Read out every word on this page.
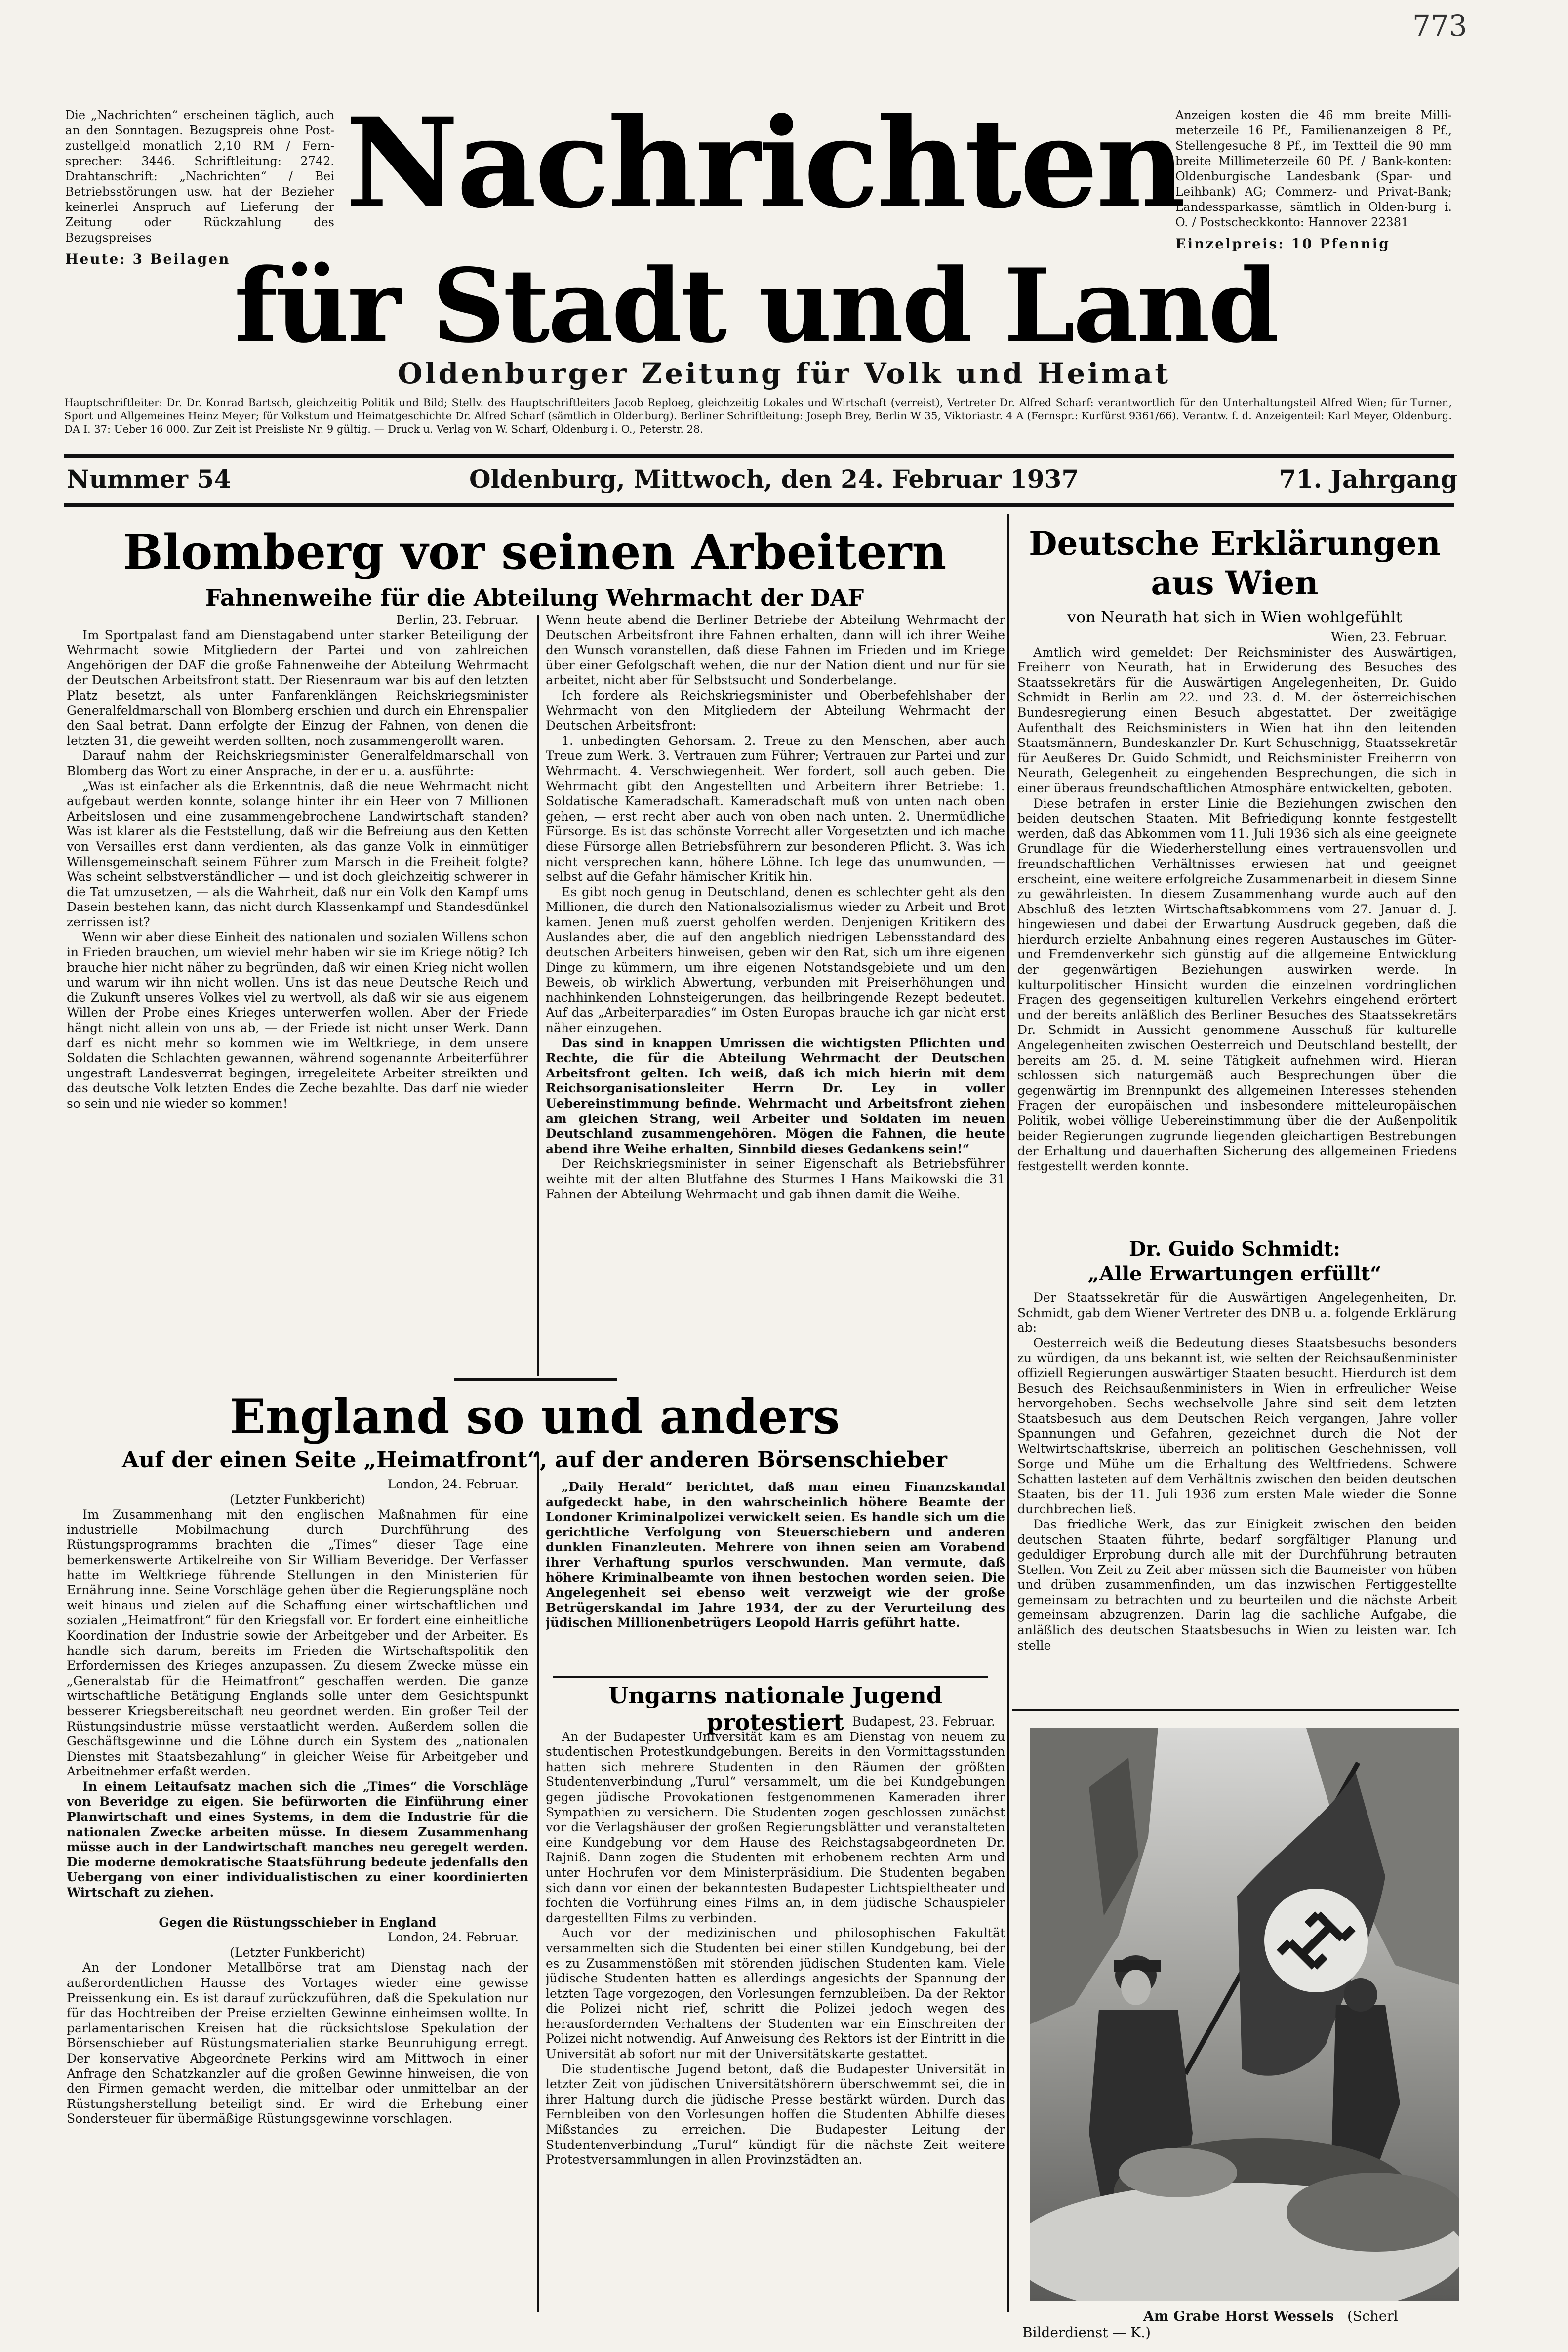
773

Die „Nachrichten“ erscheinen täglich, auch an den Sonntagen. Bezugspreis ohne Post-zustellgeld monatlich 2,10 RM / Fern-sprecher: 3446. Schriftleitung: 2742. Drahtanschrift: „Nachrichten“ / Bei Betriebsstörungen usw. hat der Bezieher keinerlei Anspruch auf Lieferung der Zeitung oder Rückzahlung des Bezugspreises

Heute: 3 Beilagen

Anzeigen kosten die 46 mm breite Milli-meterzeile 16 Pf., Familienanzeigen 8 Pf., Stellengesuche 8 Pf., im Textteil die 90 mm breite Millimeterzeile 60 Pf. / Bank-konten: Oldenburgische Landesbank (Spar- und Leihbank) AG; Commerz- und Privat-Bank; Landessparkasse, sämtlich in Olden-burg i. O. / Postscheckkonto: Hannover 22381

Einzelpreis: 10 Pfennig

Nachrichten
für Stadt und Land
Oldenburger Zeitung für Volk und Heimat
Hauptschriftleiter: Dr. Dr. Konrad Bartsch, gleichzeitig Politik und Bild; Stellv. des Hauptschriftleiters Jacob Reploeg, gleichzeitig Lokales und Wirtschaft (verreist), Vertreter Dr. Alfred Scharf: verantwortlich für den Unterhaltungsteil Alfred Wien; für Turnen, Sport und Allgemeines Heinz Meyer; für Volkstum und Heimatgeschichte Dr. Alfred Scharf (sämtlich in Oldenburg). Berliner Schriftleitung: Joseph Brey, Berlin W 35, Viktoriastr. 4 A (Fernspr.: Kurfürst 9361/66). Verantw. f. d. Anzeigenteil: Karl Meyer, Oldenburg. DA I. 37: Ueber 16 000. Zur Zeit ist Preisliste Nr. 9 gültig. — Druck u. Verlag von W. Scharf, Oldenburg i. O., Peterstr. 28.
Nummer 54	Oldenburg, Mittwoch, den 24. Februar 1937	71. Jahrgang
Blomberg vor seinen Arbeitern
Fahnenweihe für die Abteilung Wehrmacht der DAF

Berlin, 23. Februar.

Im Sportpalast fand am Dienstagabend unter starker Beteiligung der Wehrmacht sowie Mitgliedern der Partei und von zahlreichen Angehörigen der DAF die große Fahnenweihe der Abteilung Wehrmacht der Deutschen Arbeitsfront statt. Der Riesenraum war bis auf den letzten Platz besetzt, als unter Fanfarenklängen Reichskriegsminister Generalfeldmarschall von Blomberg erschien und durch ein Ehrenspalier den Saal betrat. Dann erfolgte der Einzug der Fahnen, von denen die letzten 31, die geweiht werden sollten, noch zusammengerollt waren.

Darauf nahm der Reichskriegsminister Generalfeldmarschall von Blomberg das Wort zu einer Ansprache, in der er u. a. ausführte:

„Was ist einfacher als die Erkenntnis, daß die neue Wehrmacht nicht aufgebaut werden konnte, solange hinter ihr ein Heer von 7 Millionen Arbeitslosen und eine zusammengebrochene Landwirtschaft standen? Was ist klarer als die Feststellung, daß wir die Befreiung aus den Ketten von Versailles erst dann verdienten, als das ganze Volk in einmütiger Willensgemeinschaft seinem Führer zum Marsch in die Freiheit folgte? Was scheint selbstverständlicher — und ist doch gleichzeitig schwerer in die Tat umzusetzen, — als die Wahrheit, daß nur ein Volk den Kampf ums Dasein bestehen kann, das nicht durch Klassenkampf und Standesdünkel zerrissen ist?

Wenn wir aber diese Einheit des nationalen und sozialen Willens schon in Frieden brauchen, um wieviel mehr haben wir sie im Kriege nötig? Ich brauche hier nicht näher zu begründen, daß wir einen Krieg nicht wollen und warum wir ihn nicht wollen. Uns ist das neue Deutsche Reich und die Zukunft unseres Volkes viel zu wertvoll, als daß wir sie aus eigenem Willen der Probe eines Krieges unterwerfen wollen. Aber der Friede hängt nicht allein von uns ab, — der Friede ist nicht unser Werk. Dann darf es nicht mehr so kommen wie im Weltkriege, in dem unsere Soldaten die Schlachten gewannen, während sogenannte Arbeiterführer ungestraft Landesverrat begingen, irregeleitete Arbeiter streikten und das deutsche Volk letzten Endes die Zeche bezahlte. Das darf nie wieder so sein und nie wieder so kommen!

Wenn heute abend die Berliner Betriebe der Abteilung Wehrmacht der Deutschen Arbeitsfront ihre Fahnen erhalten, dann will ich ihrer Weihe den Wunsch voranstellen, daß diese Fahnen im Frieden und im Kriege über einer Gefolgschaft wehen, die nur der Nation dient und nur für sie arbeitet, nicht aber für Selbstsucht und Sonderbelange.

Ich fordere als Reichskriegsminister und Oberbefehlshaber der Wehrmacht von den Mitgliedern der Abteilung Wehrmacht der Deutschen Arbeitsfront:

1. unbedingten Gehorsam. 2. Treue zu den Menschen, aber auch Treue zum Werk. 3. Vertrauen zum Führer; Vertrauen zur Partei und zur Wehrmacht. 4. Verschwiegenheit. Wer fordert, soll auch geben. Die Wehrmacht gibt den Angestellten und Arbeitern ihrer Betriebe: 1. Soldatische Kameradschaft. Kameradschaft muß von unten nach oben gehen, — erst recht aber auch von oben nach unten. 2. Unermüdliche Fürsorge. Es ist das schönste Vorrecht aller Vorgesetzten und ich mache diese Fürsorge allen Betriebsführern zur besonderen Pflicht. 3. Was ich nicht versprechen kann, höhere Löhne. Ich lege das unumwunden, — selbst auf die Gefahr hämischer Kritik hin.

Es gibt noch genug in Deutschland, denen es schlechter geht als den Millionen, die durch den Nationalsozialismus wieder zu Arbeit und Brot kamen. Jenen muß zuerst geholfen werden. Denjenigen Kritikern des Auslandes aber, die auf den angeblich niedrigen Lebensstandard des deutschen Arbeiters hinweisen, geben wir den Rat, sich um ihre eigenen Dinge zu kümmern, um ihre eigenen Notstandsgebiete und um den Beweis, ob wirklich Abwertung, verbunden mit Preiserhöhungen und nachhinkenden Lohnsteigerungen, das heilbringende Rezept bedeutet. Auf das „Arbeiterparadies“ im Osten Europas brauche ich gar nicht erst näher einzugehen.

Das sind in knappen Umrissen die wichtigsten Pflichten und Rechte, die für die Abteilung Wehrmacht der Deutschen Arbeitsfront gelten. Ich weiß, daß ich mich hierin mit dem Reichsorganisationsleiter Herrn Dr. Ley in voller Uebereinstimmung befinde. Wehrmacht und Arbeitsfront ziehen am gleichen Strang, weil Arbeiter und Soldaten im neuen Deutschland zusammengehören. Mögen die Fahnen, die heute abend ihre Weihe erhalten, Sinnbild dieses Gedankens sein!“

Der Reichskriegsminister in seiner Eigenschaft als Betriebsführer weihte mit der alten Blutfahne des Sturmes I Hans Maikowski die 31 Fahnen der Abteilung Wehrmacht und gab ihnen damit die Weihe.

England so und anders
Auf der einen Seite „Heimatfront“, auf der anderen Börsenschieber

London, 24. Februar.

(Letzter Funkbericht)

Im Zusammenhang mit den englischen Maßnahmen für eine industrielle Mobilmachung durch Durchführung des Rüstungsprogramms brachten die „Times“ dieser Tage eine bemerkenswerte Artikelreihe von Sir William Beveridge. Der Verfasser hatte im Weltkriege führende Stellungen in den Ministerien für Ernährung inne. Seine Vorschläge gehen über die Regierungspläne noch weit hinaus und zielen auf die Schaffung einer wirtschaftlichen und sozialen „Heimatfront“ für den Kriegsfall vor. Er fordert eine einheitliche Koordination der Industrie sowie der Arbeitgeber und der Arbeiter. Es handle sich darum, bereits im Frieden die Wirtschaftspolitik den Erfordernissen des Krieges anzupassen. Zu diesem Zwecke müsse ein „Generalstab für die Heimatfront“ geschaffen werden. Die ganze wirtschaftliche Betätigung Englands solle unter dem Gesichtspunkt besserer Kriegsbereitschaft neu geordnet werden. Ein großer Teil der Rüstungsindustrie müsse verstaatlicht werden. Außerdem sollen die Geschäftsgewinne und die Löhne durch ein System des „nationalen Dienstes mit Staatsbezahlung“ in gleicher Weise für Arbeitgeber und Arbeitnehmer erfaßt werden.

In einem Leitaufsatz machen sich die „Times“ die Vorschläge von Beveridge zu eigen. Sie befürworten die Einführung einer Planwirtschaft und eines Systems, in dem die Industrie für die nationalen Zwecke arbeiten müsse. In diesem Zusammenhang müsse auch in der Landwirtschaft manches neu geregelt werden. Die moderne demokratische Staatsführung bedeute jedenfalls den Uebergang von einer individualistischen zu einer koordinierten Wirtschaft zu ziehen.

Gegen die Rüstungsschieber in England

London, 24. Februar.

(Letzter Funkbericht)

An der Londoner Metallbörse trat am Dienstag nach der außerordentlichen Hausse des Vortages wieder eine gewisse Preissenkung ein. Es ist darauf zurückzuführen, daß die Spekulation nur für das Hochtreiben der Preise erzielten Gewinne einheimsen wollte. In parlamentarischen Kreisen hat die rücksichtslose Spekulation der Börsenschieber auf Rüstungsmaterialien starke Beunruhigung erregt. Der konservative Abgeordnete Perkins wird am Mittwoch in einer Anfrage den Schatzkanzler auf die großen Gewinne hinweisen, die von den Firmen gemacht werden, die mittelbar oder unmittelbar an der Rüstungsherstellung beteiligt sind. Er wird die Erhebung einer Sondersteuer für übermäßige Rüstungsgewinne vorschlagen.

„Daily Herald“ berichtet, daß man einen Finanzskandal aufgedeckt habe, in den wahrscheinlich höhere Beamte der Londoner Kriminalpolizei verwickelt seien. Es handle sich um die gerichtliche Verfolgung von Steuerschiebern und anderen dunklen Finanzleuten. Mehrere von ihnen seien am Vorabend ihrer Verhaftung spurlos verschwunden. Man vermute, daß höhere Kriminalbeamte von ihnen bestochen worden seien. Die Angelegenheit sei ebenso weit verzweigt wie der große Betrügerskandal im Jahre 1934, der zu der Verurteilung des jüdischen Millionenbetrügers Leopold Harris geführt hatte.

Ungarns nationale Jugend protestiert Budapest, 23. Februar.

An der Budapester Universität kam es am Dienstag von neuem zu studentischen Protestkundgebungen. Bereits in den Vormittagsstunden hatten sich mehrere Studenten in den Räumen der größten Studentenverbindung „Turul“ versammelt, um die bei Kundgebungen gegen jüdische Provokationen festgenommenen Kameraden ihrer Sympathien zu versichern. Die Studenten zogen geschlossen zunächst vor die Verlagshäuser der großen Regierungsblätter und veranstalteten eine Kundgebung vor dem Hause des Reichstagsabgeordneten Dr. Rajniß. Dann zogen die Studenten mit erhobenem rechten Arm und unter Hochrufen vor dem Ministerpräsidium. Die Studenten begaben sich dann vor einen der bekanntesten Budapester Lichtspieltheater und fochten die Vorführung eines Films an, in dem jüdische Schauspieler dargestellten Films zu verbinden.

Auch vor der medizinischen und philosophischen Fakultät versammelten sich die Studenten bei einer stillen Kundgebung, bei der es zu Zusammenstößen mit störenden jüdischen Studenten kam. Viele jüdische Studenten hatten es allerdings angesichts der Spannung der letzten Tage vorgezogen, den Vorlesungen fernzubleiben. Da der Rektor die Polizei nicht rief, schritt die Polizei jedoch wegen des herausfordernden Verhaltens der Studenten war ein Einschreiten der Polizei nicht notwendig. Auf Anweisung des Rektors ist der Eintritt in die Universität ab sofort nur mit der Universitätskarte gestattet.

Die studentische Jugend betont, daß die Budapester Universität in letzter Zeit von jüdischen Universitätshörern überschwemmt sei, die in ihrer Haltung durch die jüdische Presse bestärkt würden. Durch das Fernbleiben von den Vorlesungen hoffen die Studenten Abhilfe dieses Mißstandes zu erreichen. Die Budapester Leitung der Studentenverbindung „Turul“ kündigt für die nächste Zeit weitere Protestversammlungen in allen Provinzstädten an.

Deutsche Erklärungen
aus Wien
von Neurath hat sich in Wien wohlgefühlt

Wien, 23. Februar.

Amtlich wird gemeldet: Der Reichsminister des Auswärtigen, Freiherr von Neurath, hat in Erwiderung des Besuches des Staatssekretärs für die Auswärtigen Angelegenheiten, Dr. Guido Schmidt in Berlin am 22. und 23. d. M. der österreichischen Bundesregierung einen Besuch abgestattet. Der zweitägige Aufenthalt des Reichsministers in Wien hat ihn den leitenden Staatsmännern, Bundeskanzler Dr. Kurt Schuschnigg, Staatssekretär für Aeußeres Dr. Guido Schmidt, und Reichsminister Freiherrn von Neurath, Gelegenheit zu eingehenden Besprechungen, die sich in einer überaus freundschaftlichen Atmosphäre entwickelten, geboten.

Diese betrafen in erster Linie die Beziehungen zwischen den beiden deutschen Staaten. Mit Befriedigung konnte festgestellt werden, daß das Abkommen vom 11. Juli 1936 sich als eine geeignete Grundlage für die Wiederherstellung eines vertrauensvollen und freundschaftlichen Verhältnisses erwiesen hat und geeignet erscheint, eine weitere erfolgreiche Zusammenarbeit in diesem Sinne zu gewährleisten. In diesem Zusammenhang wurde auch auf den Abschluß des letzten Wirtschaftsabkommens vom 27. Januar d. J. hingewiesen und dabei der Erwartung Ausdruck gegeben, daß die hierdurch erzielte Anbahnung eines regeren Austausches im Güter- und Fremdenverkehr sich günstig auf die allgemeine Entwicklung der gegenwärtigen Beziehungen auswirken werde. In kulturpolitischer Hinsicht wurden die einzelnen vordringlichen Fragen des gegenseitigen kulturellen Verkehrs eingehend erörtert und der bereits anläßlich des Berliner Besuches des Staatssekretärs Dr. Schmidt in Aussicht genommene Ausschuß für kulturelle Angelegenheiten zwischen Oesterreich und Deutschland bestellt, der bereits am 25. d. M. seine Tätigkeit aufnehmen wird. Hieran schlossen sich naturgemäß auch Besprechungen über die gegenwärtig im Brennpunkt des allgemeinen Interesses stehenden Fragen der europäischen und insbesondere mitteleuropäischen Politik, wobei völlige Uebereinstimmung über die der Außenpolitik beider Regierungen zugrunde liegenden gleichartigen Bestrebungen der Erhaltung und dauerhaften Sicherung des allgemeinen Friedens festgestellt werden konnte.

Dr. Guido Schmidt:
„Alle Erwartungen erfüllt“

Der Staatssekretär für die Auswärtigen Angelegenheiten, Dr. Schmidt, gab dem Wiener Vertreter des DNB u. a. folgende Erklärung ab:

Oesterreich weiß die Bedeutung dieses Staatsbesuchs besonders zu würdigen, da uns bekannt ist, wie selten der Reichsaußenminister offiziell Regierungen auswärtiger Staaten besucht. Hierdurch ist dem Besuch des Reichsaußenministers in Wien in erfreulicher Weise hervorgehoben. Sechs wechselvolle Jahre sind seit dem letzten Staatsbesuch aus dem Deutschen Reich vergangen, Jahre voller Spannungen und Gefahren, gezeichnet durch die Not der Weltwirtschaftskrise, überreich an politischen Geschehnissen, voll Sorge und Mühe um die Erhaltung des Weltfriedens. Schwere Schatten lasteten auf dem Verhältnis zwischen den beiden deutschen Staaten, bis der 11. Juli 1936 zum ersten Male wieder die Sonne durchbrechen ließ.

Das friedliche Werk, das zur Einigkeit zwischen den beiden deutschen Staaten führte, bedarf sorgfältiger Planung und geduldiger Erprobung durch alle mit der Durchführung betrauten Stellen. Von Zeit zu Zeit aber müssen sich die Baumeister von hüben und drüben zusammenfinden, um das inzwischen Fertiggestellte gemeinsam zu betrachten und zu beurteilen und die nächste Arbeit gemeinsam abzugrenzen. Darin lag die sachliche Aufgabe, die anläßlich des deutschen Staatsbesuchs in Wien zu leisten war. Ich stelle

Am Grabe Horst Wessels (Scherl Bilderdienst — K.)
